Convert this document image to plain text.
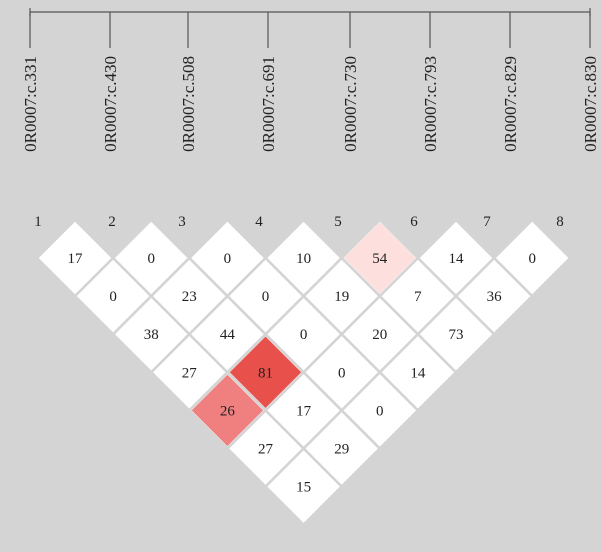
0R0007:c.331	0R0007:c.430	0R0007:c.508	0R0007:c.691	0R0007:c.730	0R0007:c.793	0R0007:c.829	0R0007:c.830
1	2	3	4	5	6	7	8
17	0	0	10	54	14	0
0	23	0	19	7	36
38	44	0	20	73
27	81	0	14
26	17	0
27	29
15
